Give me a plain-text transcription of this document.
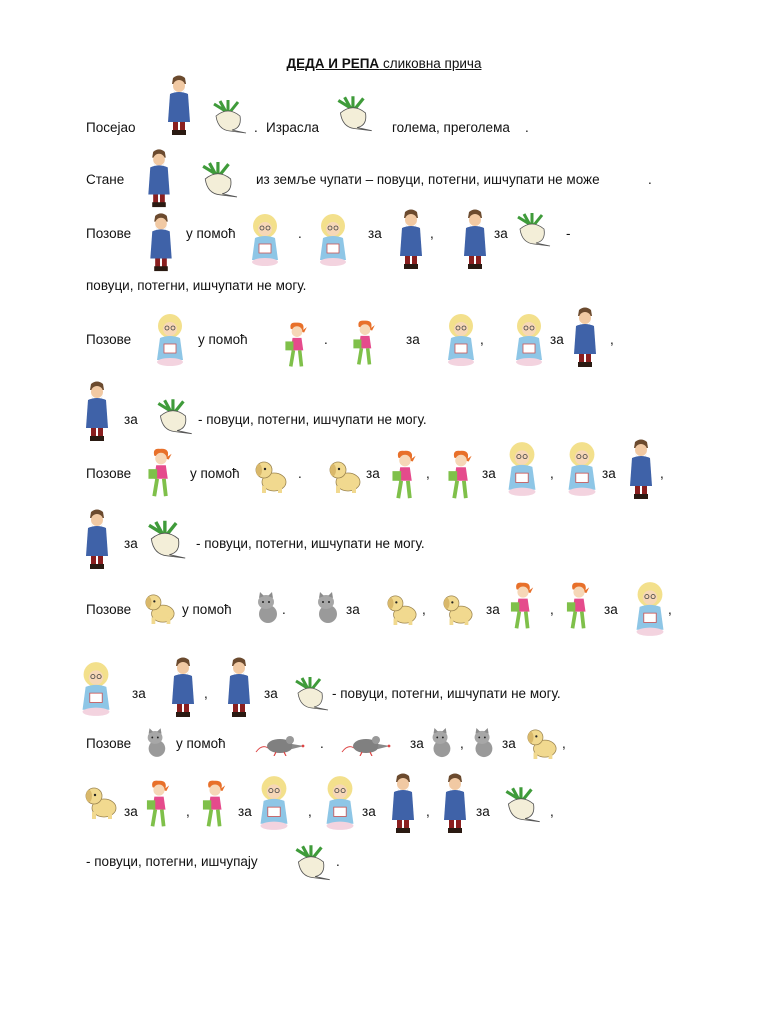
ДЕДА И РЕПА сликовна прича
Посејао	. Израсла	голема, преголема .
Стане	из земље чупати – повуци, потегни, ишчупати не може	.
Позове	у помоћ	.	за	,	за	-
повуци, потегни, ишчупати не могу.
Позове	у помоћ	.	за	,	за	,
за	- повуци, потегни, ишчупати не могу.
Позове	у помоћ	.	за	,	за	,	за	,
за	- повуци, потегни, ишчупати не могу.
Позове	у помоћ	.	за	,	за	,	за	,
за	,	за	- повуци, потегни, ишчупати не могу.
Позове	у помоћ	.	за	,	за	,
за	,	за	,	за	,	за	,
- повуци, потегни, ишчупају	.
